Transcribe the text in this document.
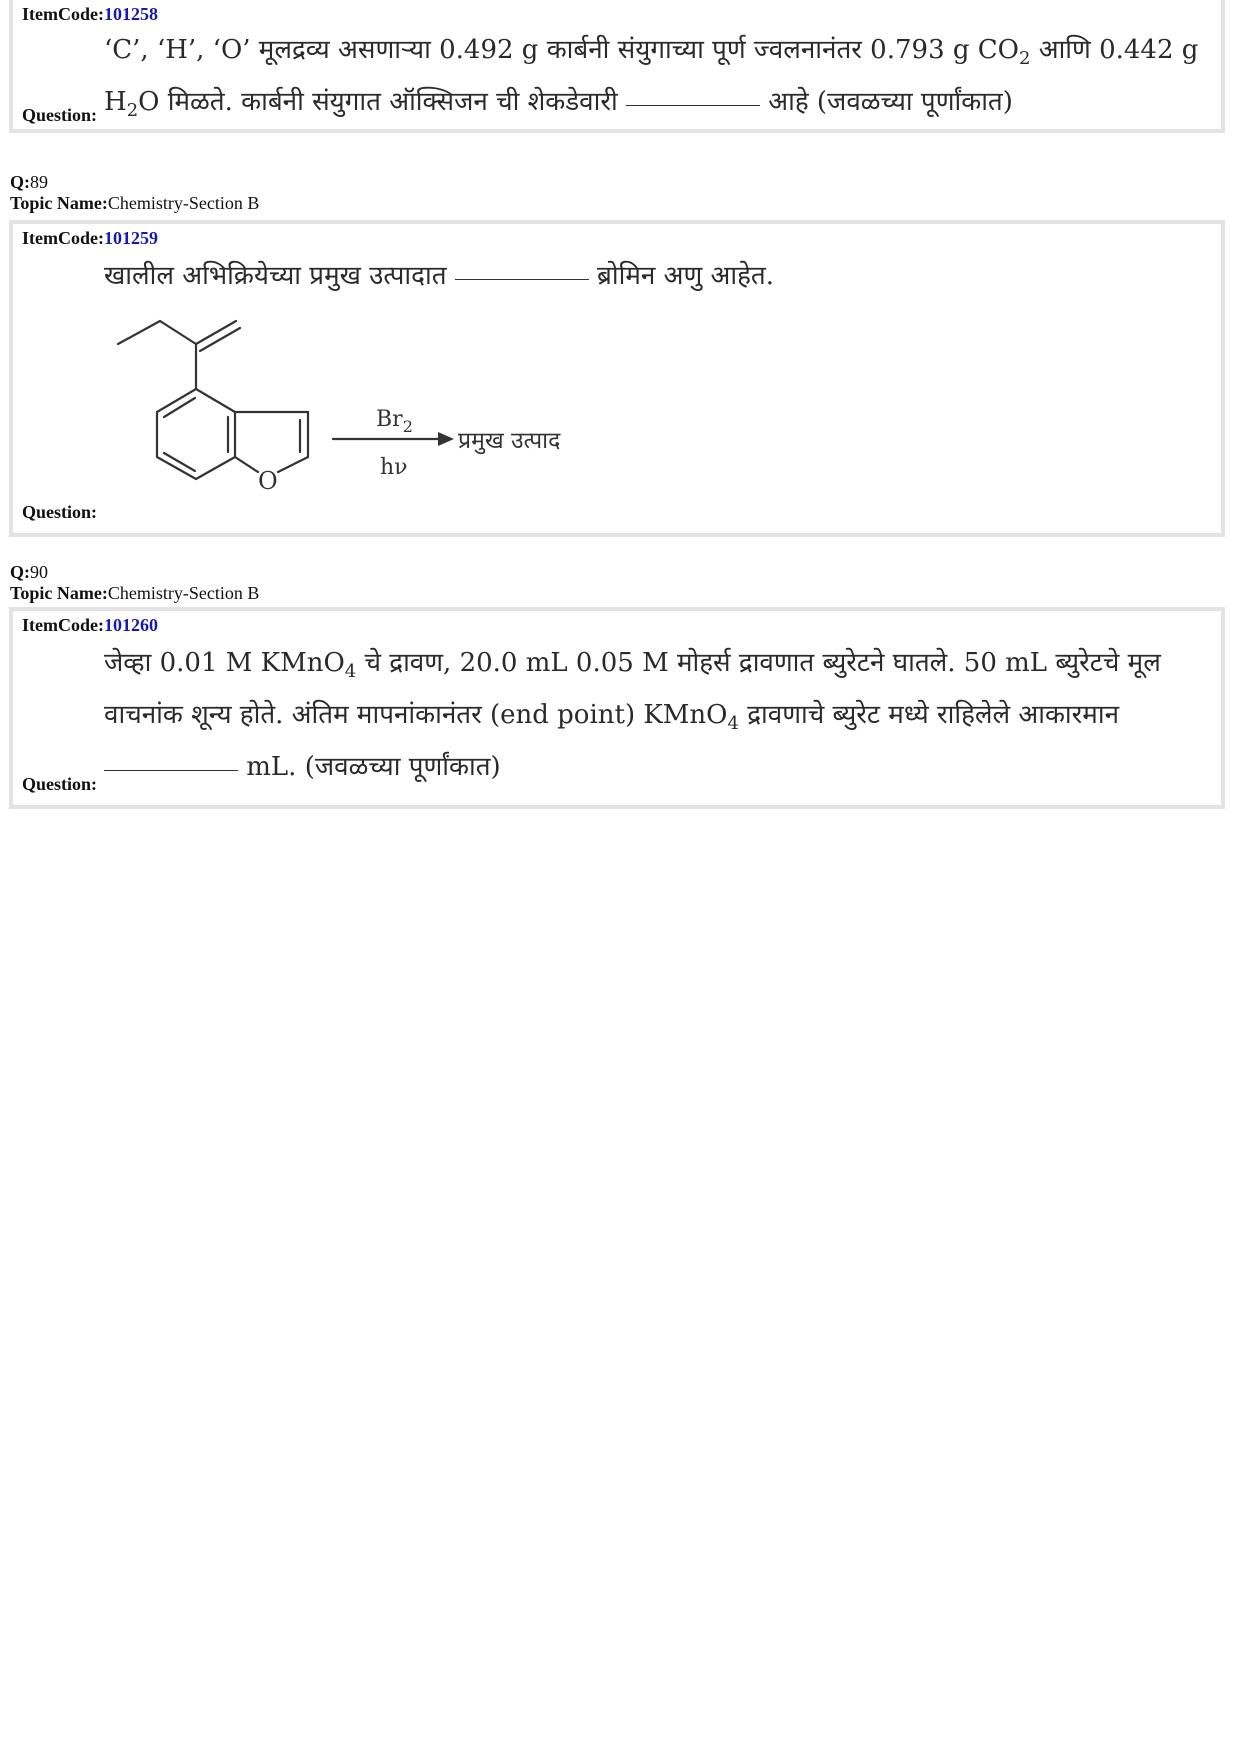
ItemCode:101258
‘C’, ‘H’, ‘O’ मूलद्रव्य असणाऱ्या 0.492 g कार्बनी संयुगाच्या पूर्ण ज्वलनानंतर 0.793 g $CO_2$ आणि 0.442 g
$H_2O$ मिळते. कार्बनी संयुगात ऑक्सिजन ची शेकडेवारी	आहे (जवळच्या पूर्णांकात)
Question:
Q:89
Topic Name:Chemistry-Section B
ItemCode:101259
खालील अभिक्रियेच्या प्रमुख उत्पादात	ब्रोमिन अणु आहेत.
O
$Br_2$
hν
प्रमुख उत्पाद
Question:
Q:90
Topic Name:Chemistry-Section B
ItemCode:101260
जेव्हा 0.01 M KMnO$_4$ चे द्रावण, 20.0 mL 0.05 M मोहर्स द्रावणात ब्युरेटने घातले. 50 mL ब्युरेटचे मूल
वाचनांक शून्य होते. अंतिम मापनांकानंतर (end point) KMnO$_4$ द्रावणाचे ब्युरेट मध्ये राहिलेले आकारमान
mL. (जवळच्या पूर्णांकात)
Question:
